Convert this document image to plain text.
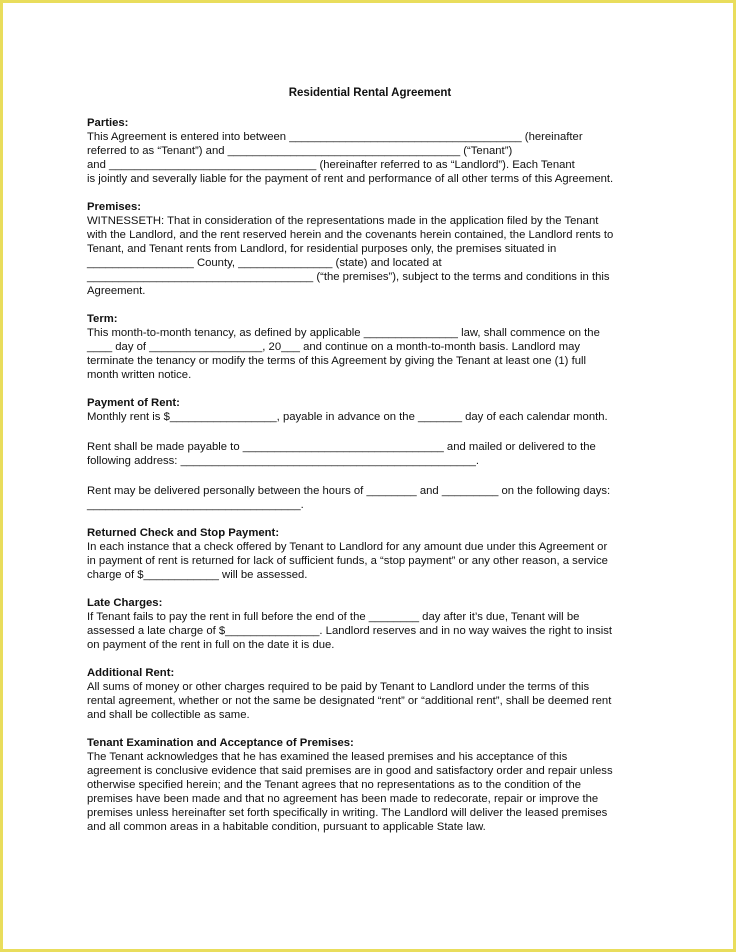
Residential Rental Agreement
Parties:
This Agreement is entered into between _____________________________________ (hereinafter
referred to as “Tenant”) and _____________________________________ (“Tenant”)
and _________________________________ (hereinafter referred to as “Landlord”). Each Tenant
is jointly and severally liable for the payment of rent and performance of all other terms of this Agreement.
Premises:
WITNESSETH: That in consideration of the representations made in the application filed by the Tenant
with the Landlord, and the rent reserved herein and the covenants herein contained, the Landlord rents to
Tenant, and Tenant rents from Landlord, for residential purposes only, the premises situated in
_________________ County, _______________ (state) and located at
____________________________________ (“the premises”), subject to the terms and conditions in this
Agreement.
Term:
This month-to-month tenancy, as defined by applicable _______________ law, shall commence on the
____ day of __________________, 20___ and continue on a month-to-month basis. Landlord may
terminate the tenancy or modify the terms of this Agreement by giving the Tenant at least one (1) full
month written notice.
Payment of Rent:
Monthly rent is $_________________, payable in advance on the _______ day of each calendar month.
Rent shall be made payable to ________________________________ and mailed or delivered to the
following address: _______________________________________________.
Rent may be delivered personally between the hours of ________ and _________ on the following days:
__________________________________.
Returned Check and Stop Payment:
In each instance that a check offered by Tenant to Landlord for any amount due under this Agreement or
in payment of rent is returned for lack of sufficient funds, a “stop payment” or any other reason, a service
charge of $____________ will be assessed.
Late Charges:
If Tenant fails to pay the rent in full before the end of the ________ day after it’s due, Tenant will be
assessed a late charge of $_______________. Landlord reserves and in no way waives the right to insist
on payment of the rent in full on the date it is due.
Additional Rent:
All sums of money or other charges required to be paid by Tenant to Landlord under the terms of this
rental agreement, whether or not the same be designated “rent” or “additional rent”, shall be deemed rent
and shall be collectible as same.
Tenant Examination and Acceptance of Premises:
The Tenant acknowledges that he has examined the leased premises and his acceptance of this
agreement is conclusive evidence that said premises are in good and satisfactory order and repair unless
otherwise specified herein; and the Tenant agrees that no representations as to the condition of the
premises have been made and that no agreement has been made to redecorate, repair or improve the
premises unless hereinafter set forth specifically in writing. The Landlord will deliver the leased premises
and all common areas in a habitable condition, pursuant to applicable State law.
